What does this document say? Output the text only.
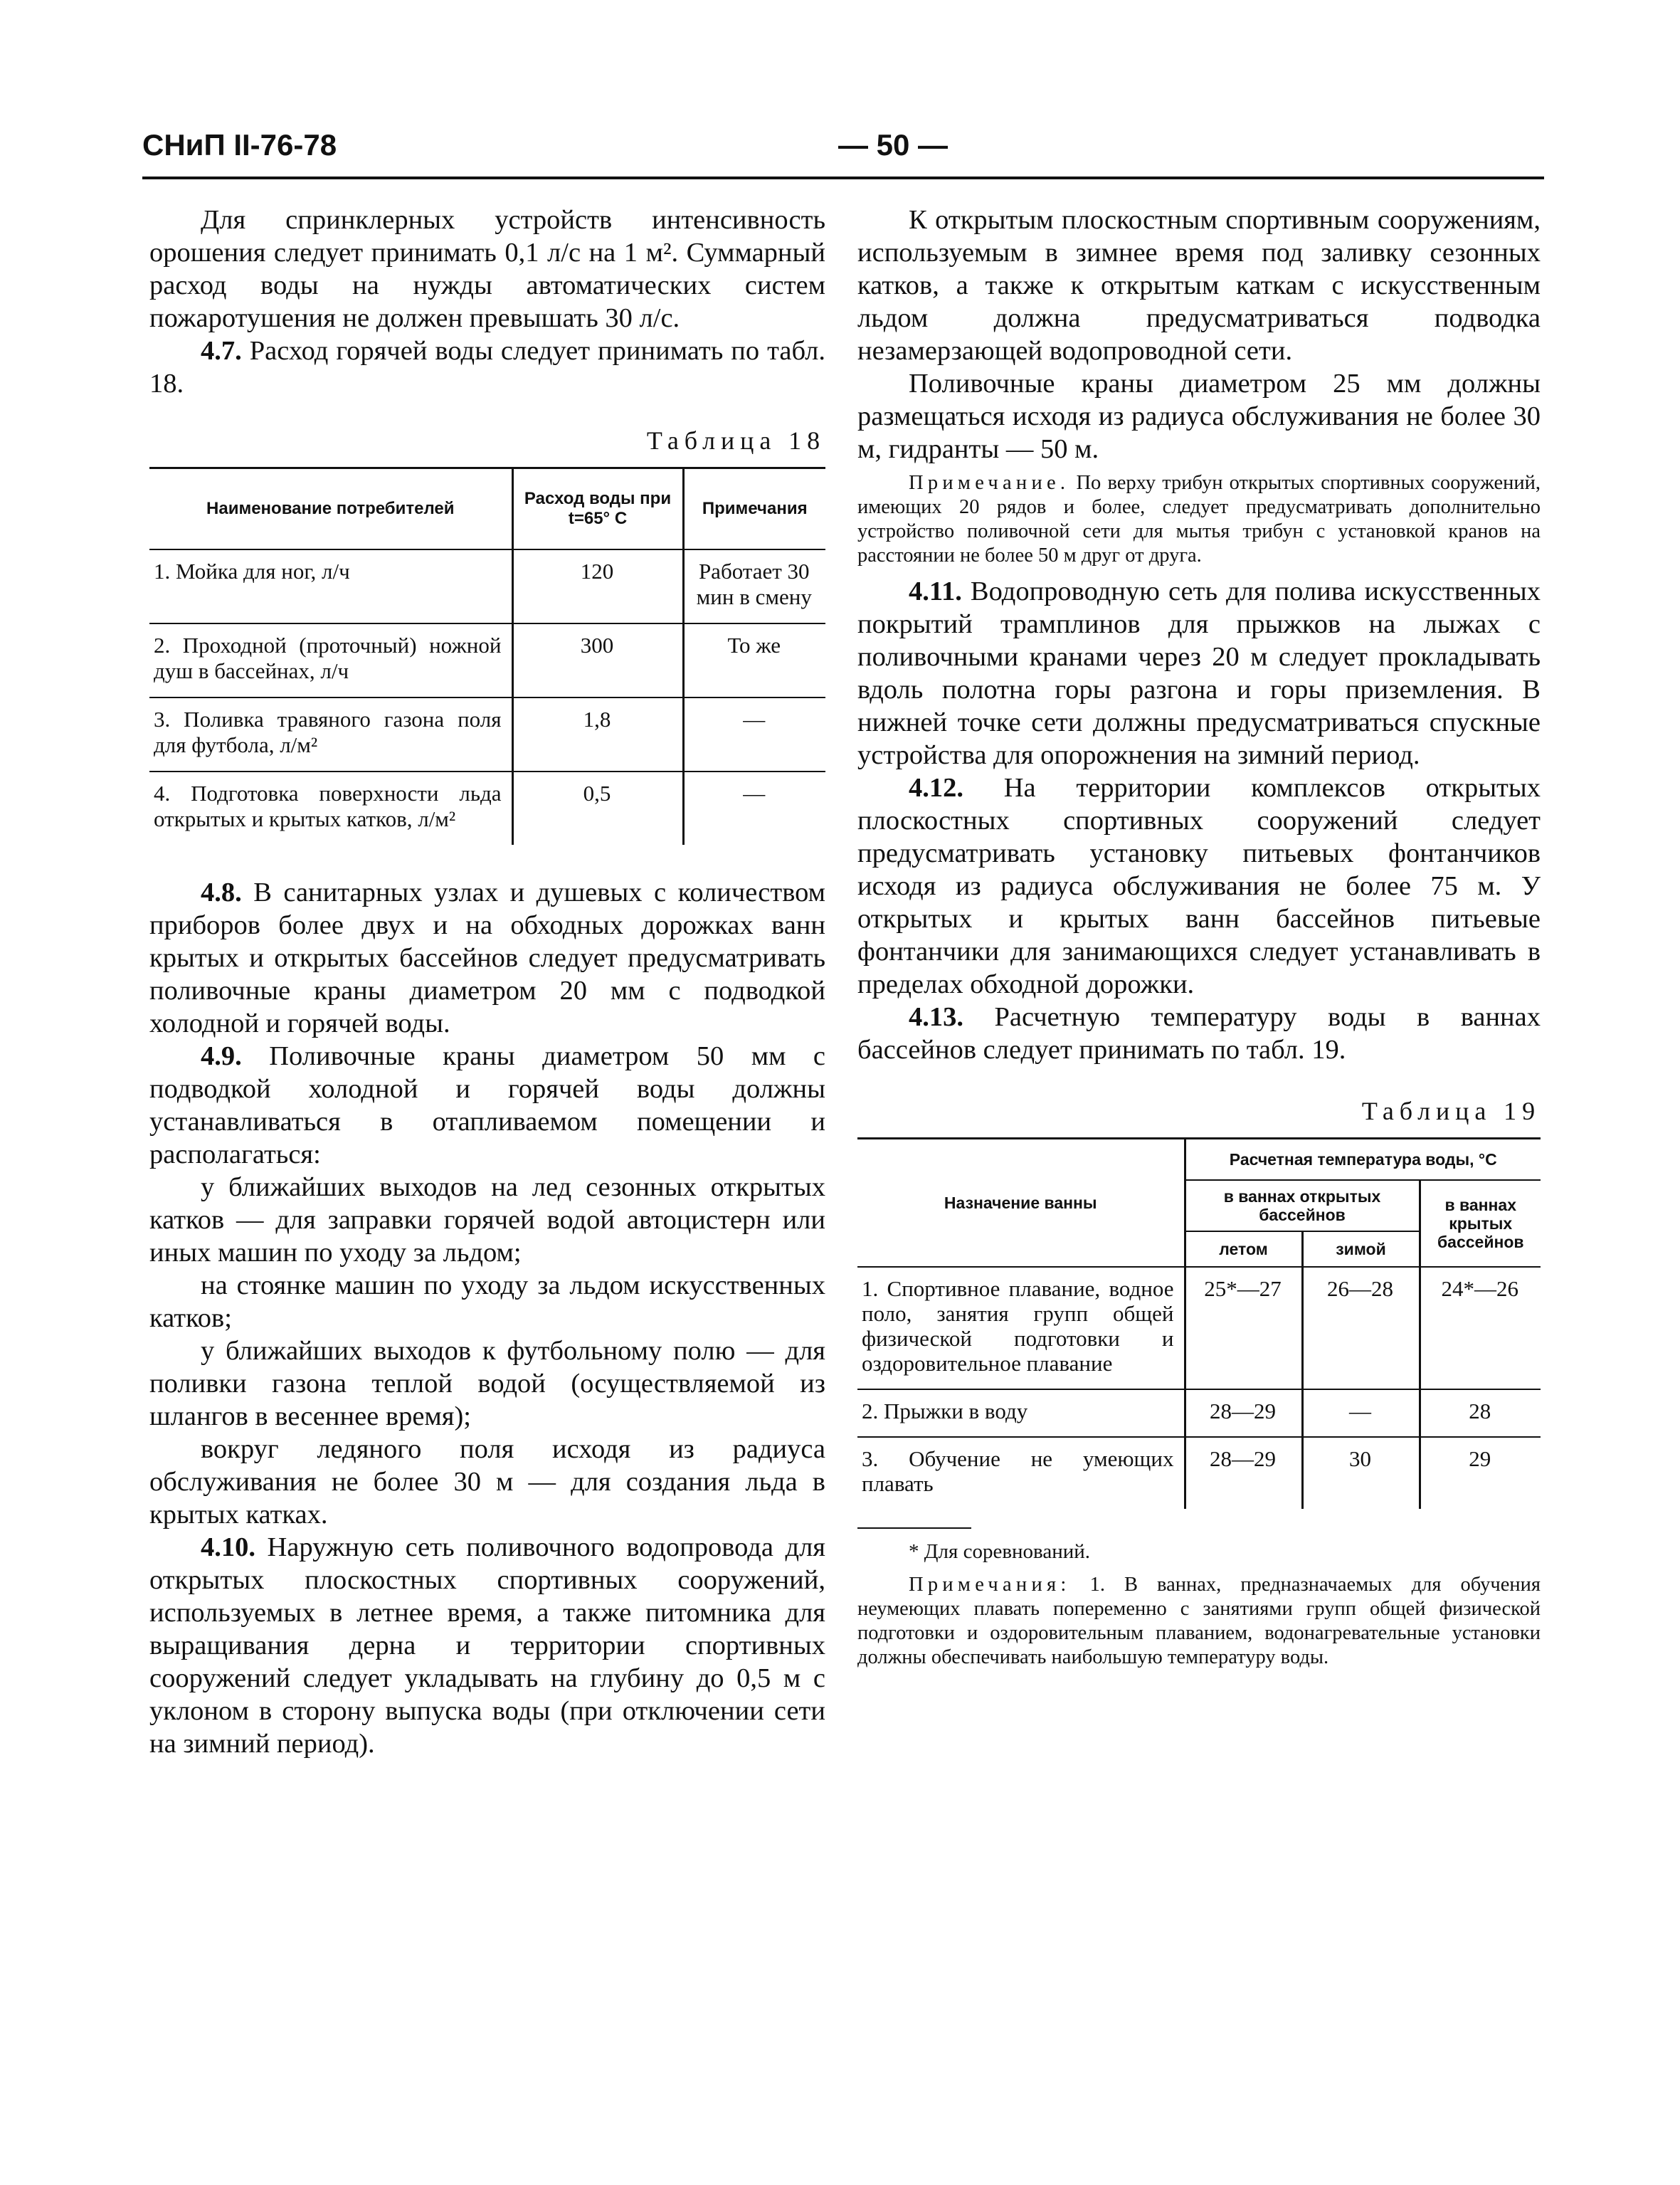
СНиП II-76-78	— 50 —

Для спринклерных устройств интенсивность орошения следует принимать 0,1 л/с на 1 м². Суммарный расход воды на нужды автоматических систем пожаротушения не должен превышать 30 л/с.

4.7. Расход горячей воды следует принимать по табл. 18.

Таблица 18

Наименование потребителей	Расход воды при t=65° C	Примечания
1. Мойка для ног, л/ч	120	Работает 30 мин в смену
2. Проходной (проточный) ножной душ в бассейнах, л/ч	300	То же
3. Поливка травяного газона поля для футбола, л/м²	1,8	—
4. Подготовка поверхности льда открытых и крытых катков, л/м²	0,5	—

4.8. В санитарных узлах и душевых с количеством приборов более двух и на обходных дорожках ванн крытых и открытых бассейнов следует предусматривать поливочные краны диаметром 20 мм с подводкой холодной и горячей воды.

4.9. Поливочные краны диаметром 50 мм с подводкой холодной и горячей воды должны устанавливаться в отапливаемом помещении и располагаться:

у ближайших выходов на лед сезонных открытых катков — для заправки горячей водой автоцистерн или иных машин по уходу за льдом;

на стоянке машин по уходу за льдом искусственных катков;

у ближайших выходов к футбольному полю — для поливки газона теплой водой (осуществляемой из шлангов в весеннее время);

вокруг ледяного поля исходя из радиуса обслуживания не более 30 м — для создания льда в крытых катках.

4.10. Наружную сеть поливочного водопровода для открытых плоскостных спортивных сооружений, используемых в летнее время, а также питомника для выращивания дерна и территории спортивных сооружений следует укладывать на глубину до 0,5 м с уклоном в сторону выпуска воды (при отключении сети на зимний период).

К открытым плоскостным спортивным сооружениям, используемым в зимнее время под заливку сезонных катков, а также к открытым каткам с искусственным льдом должна предусматриваться подводка незамерзающей водопроводной сети.

Поливочные краны диаметром 25 мм должны размещаться исходя из радиуса обслуживания не более 30 м, гидранты — 50 м.

Примечание. По верху трибун открытых спортивных сооружений, имеющих 20 рядов и более, следует предусматривать дополнительно устройство поливочной сети для мытья трибун с установкой кранов на расстоянии не более 50 м друг от друга.

4.11. Водопроводную сеть для полива искусственных покрытий трамплинов для прыжков на лыжах с поливочными кранами через 20 м следует прокладывать вдоль полотна горы разгона и горы приземления. В нижней точке сети должны предусматриваться спускные устройства для опорожнения на зимний период.

4.12. На территории комплексов открытых плоскостных спортивных сооружений следует предусматривать установку питьевых фонтанчиков исходя из радиуса обслуживания не более 75 м. У открытых и крытых ванн бассейнов питьевые фонтанчики для занимающихся следует устанавливать в пределах обходной дорожки.

4.13. Расчетную температуру воды в ваннах бассейнов следует принимать по табл. 19.

Таблица 19

Назначение ванны	Расчетная температура воды, °С		
	в ваннах открытых бассейнов		в ваннах крытых бассейнов
	летом	зимой	
1. Спортивное плавание, водное поло, занятия групп общей физической подготовки и оздоровительное плавание	25*—27	26—28	24*—26
2. Прыжки в воду	28—29	—	28
3. Обучение не умеющих плавать	28—29	30	29

* Для соревнований.

Примечания: 1. В ваннах, предназначаемых для обучения неумеющих плавать попеременно с занятиями групп общей физической подготовки и оздоровительным плаванием, водонагревательные установки должны обеспечивать наибольшую температуру воды.
